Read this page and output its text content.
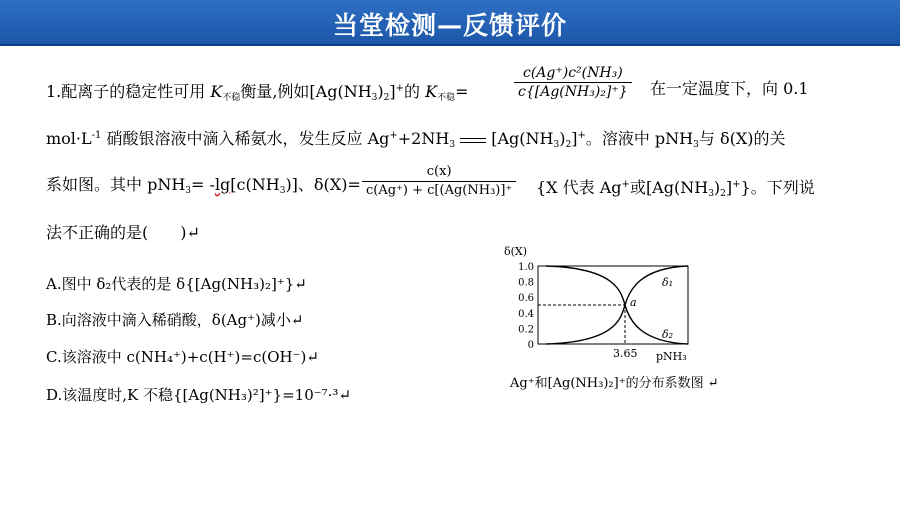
当堂检测—反馈评价
1.配离子的稳定性可用 $K_{不稳}$衡量,例如$[Ag(NH_3)_2]^+$的 $K_{不稳}=$	$\frac{\text{c(Ag⁺)c²(NH₃)}}{\text{c\{[Ag(NH₃)₂]⁺\}}}$ 在一定温度下，向 0.1
$mol\cdot L^{-1}$ 硝酸银溶液中滴入稀氨水，发生反应 $Ag^++2NH_3$ $[Ag(NH_3)_2]^+$。溶液中 pNH$_3$与 δ(X)的关
系如图。其中 $pNH_3= -\lg[c(NH_3)]$、$\delta(X)= \frac{c(x)}{\text{c(Ag⁺) + c[(Ag(NH₃)]⁺}} \{X$ 代表 Ag+或$[Ag(NH_3)_2]^+$}。下列说
法不正确的是(　　)↵
A.图中 δ₂代表的是 δ{[Ag(NH₃)₂]⁺}↵
B.向溶液中滴入稀硝酸，δ(Ag⁺)减小↵
C.该溶液中 c(NH₄⁺)+c(H⁺)=c(OH⁻)↵
D.该温度时,K 不稳{[Ag(NH₃)²]⁺}=10⁻⁷·³↵
δ(X)
1.0
0.8
0.6
0.4
0.2
0
a
3.65 pNH₃
δ₁
δ₂
Ag⁺和[Ag(NH₃)₂]⁺的分布系数图 ↵
